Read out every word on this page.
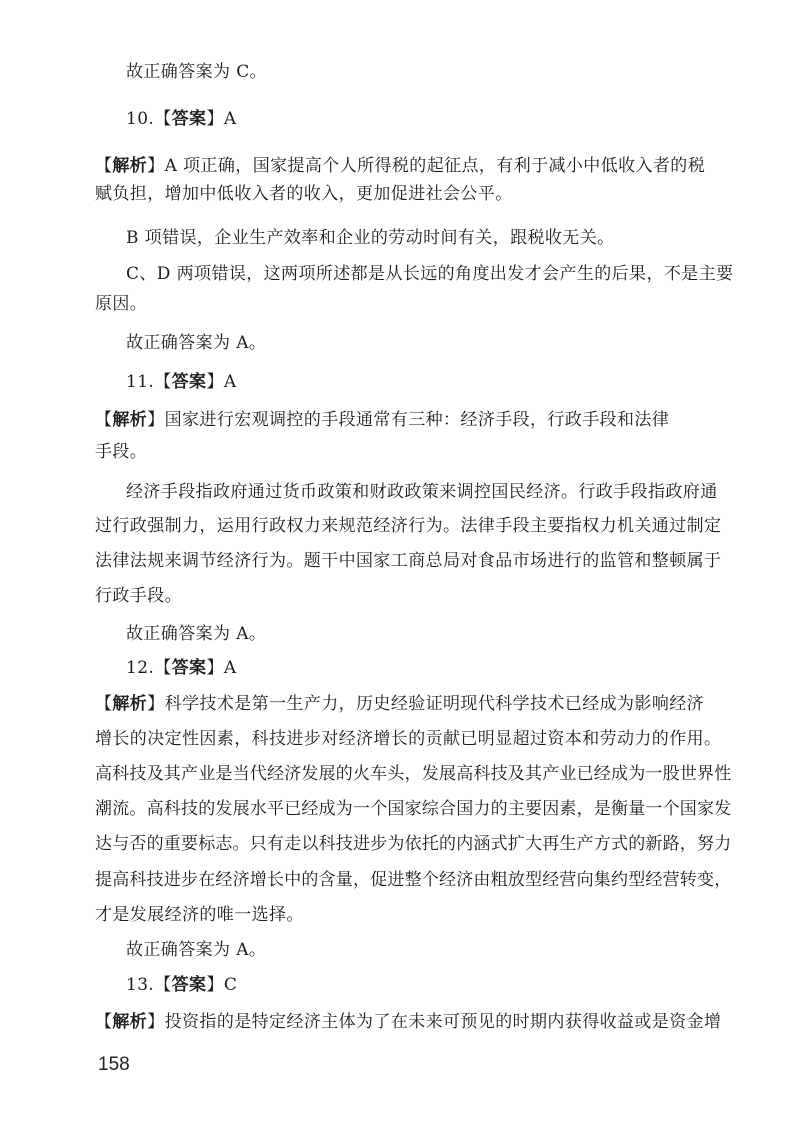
故正确答案为 C。
10.【答案】A
【解析】A 项正确，国家提高个人所得税的起征点，有利于减小中低收入者的税
赋负担，增加中低收入者的收入，更加促进社会公平。
B 项错误，企业生产效率和企业的劳动时间有关，跟税收无关。
C、D 两项错误，这两项所述都是从长远的角度出发才会产生的后果，不是主要
原因。
故正确答案为 A。
11.【答案】A
【解析】国家进行宏观调控的手段通常有三种：经济手段，行政手段和法律
手段。
经济手段指政府通过货币政策和财政政策来调控国民经济。行政手段指政府通
过行政强制力，运用行政权力来规范经济行为。法律手段主要指权力机关通过制定
法律法规来调节经济行为。题干中国家工商总局对食品市场进行的监管和整顿属于
行政手段。
故正确答案为 A。
12.【答案】A
【解析】科学技术是第一生产力，历史经验证明现代科学技术已经成为影响经济
增长的决定性因素，科技进步对经济增长的贡献已明显超过资本和劳动力的作用。
高科技及其产业是当代经济发展的火车头，发展高科技及其产业已经成为一股世界性
潮流。高科技的发展水平已经成为一个国家综合国力的主要因素，是衡量一个国家发
达与否的重要标志。只有走以科技进步为依托的内涵式扩大再生产方式的新路，努力
提高科技进步在经济增长中的含量，促进整个经济由粗放型经营向集约型经营转变，
才是发展经济的唯一选择。
故正确答案为 A。
13.【答案】C
【解析】投资指的是特定经济主体为了在未来可预见的时期内获得收益或是资金增
158
